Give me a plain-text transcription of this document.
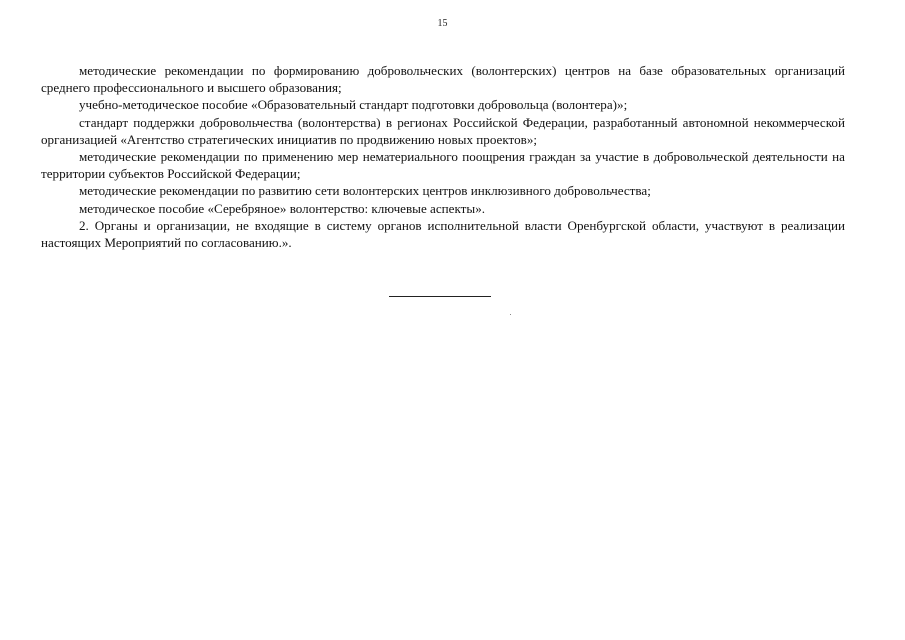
15

методические рекомендации по формированию добровольческих (волонтерских) центров на базе образовательных организаций среднего профессионального и высшего образования;

учебно-методическое пособие «Образовательный стандарт подготовки добровольца (волонтера)»;

стандарт поддержки добровольчества (волонтерства) в регионах Российской Федерации, разработанный автономной некоммерческой организацией «Агентство стратегических инициатив по продвижению новых проектов»;

методические рекомендации по применению мер нематериального поощрения граждан за участие в добровольческой деятельности на территории субъектов Российской Федерации;

методические рекомендации по развитию сети волонтерских центров инклюзивного добровольчества;

методическое пособие «Серебряное» волонтерство: ключевые аспекты».

2. Органы и организации, не входящие в систему органов исполнительной власти Оренбургской области, участвуют в реализации настоящих Мероприятий по согласованию.».
